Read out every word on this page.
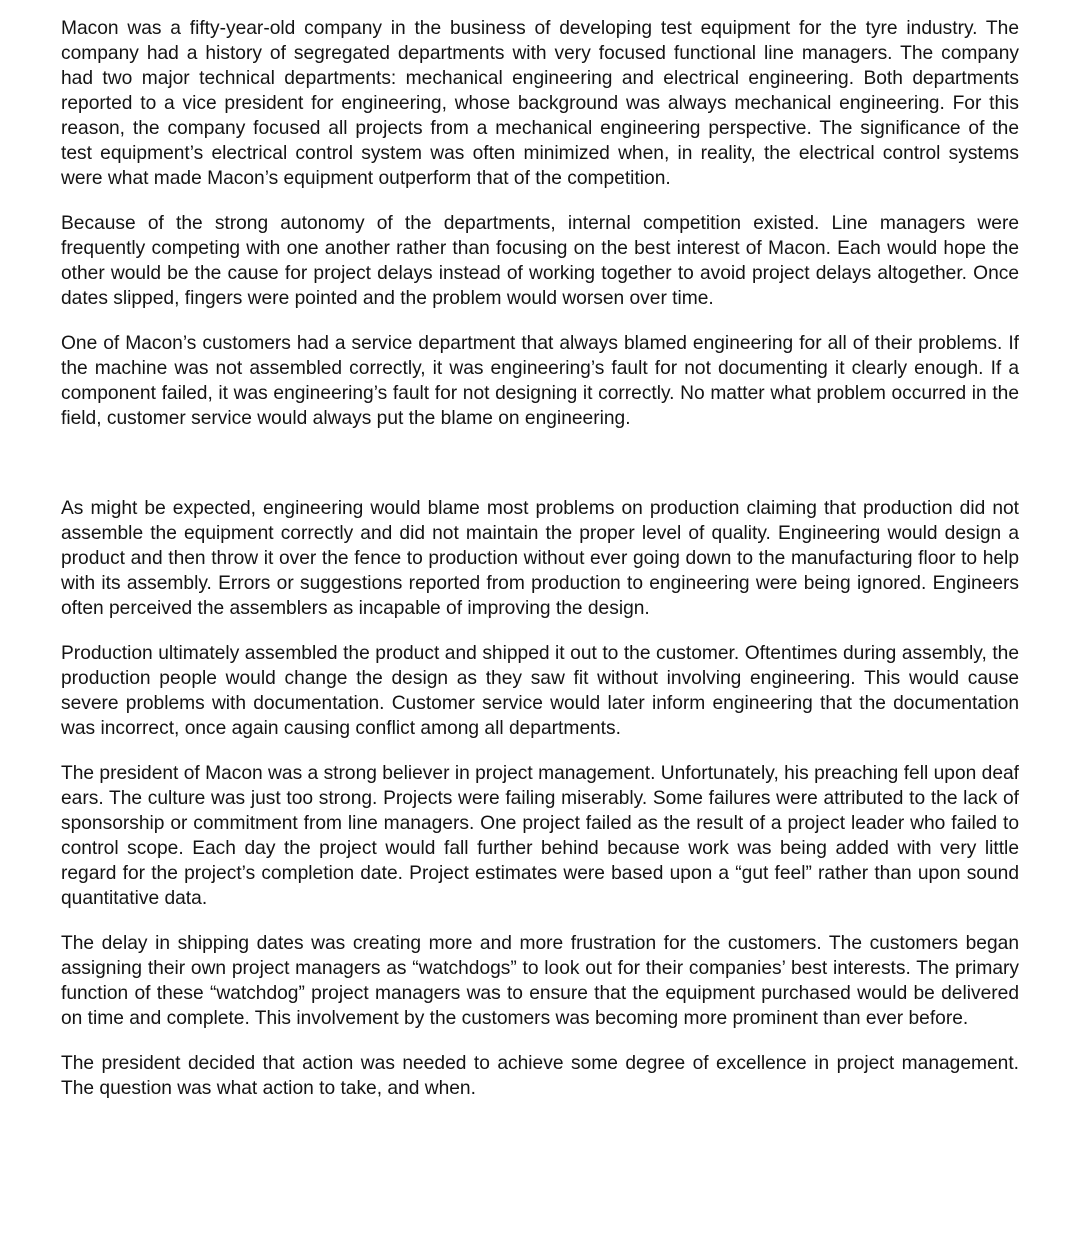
Macon was a fifty-year-old company in the business of developing test equipment for the tyre industry. The company had a history of segregated departments with very focused functional line managers. The company had two major technical departments: mechanical engineering and electrical engineering. Both departments reported to a vice president for engineering, whose background was always mechanical engineering. For this reason, the company focused all projects from a mechanical engineering perspective. The significance of the test equipment’s electrical control system was often minimized when, in reality, the electrical control systems were what made Macon’s equipment outperform that of the competition.

Because of the strong autonomy of the departments, internal competition existed. Line managers were frequently competing with one another rather than focusing on the best interest of Macon. Each would hope the other would be the cause for project delays instead of working together to avoid project delays altogether. Once dates slipped, fingers were pointed and the problem would worsen over time.

One of Macon’s customers had a service department that always blamed engineering for all of their problems. If the machine was not assembled correctly, it was engineering’s fault for not documenting it clearly enough. If a component failed, it was engineering’s fault for not designing it correctly. No matter what problem occurred in the field, customer service would always put the blame on engineering.

As might be expected, engineering would blame most problems on production claiming that production did not assemble the equipment correctly and did not maintain the proper level of quality. Engineering would design a product and then throw it over the fence to production without ever going down to the manufacturing floor to help with its assembly. Errors or suggestions reported from production to engineering were being ignored. Engineers often perceived the assemblers as incapable of improving the design.

Production ultimately assembled the product and shipped it out to the customer. Oftentimes during assembly, the production people would change the design as they saw fit without involving engineering. This would cause severe problems with documentation. Customer service would later inform engineering that the documentation was incorrect, once again causing conflict among all departments.

The president of Macon was a strong believer in project management. Unfortunately, his preaching fell upon deaf ears. The culture was just too strong. Projects were failing miserably. Some failures were attributed to the lack of sponsorship or commitment from line managers. One project failed as the result of a project leader who failed to control scope. Each day the project would fall further behind because work was being added with very little regard for the project’s completion date. Project estimates were based upon a “gut feel” rather than upon sound quantitative data.

The delay in shipping dates was creating more and more frustration for the customers. The customers began assigning their own project managers as “watchdogs” to look out for their companies’ best interests. The primary function of these “watchdog” project managers was to ensure that the equipment purchased would be delivered on time and complete. This involvement by the customers was becoming more prominent than ever before.

The president decided that action was needed to achieve some degree of excellence in project management. The question was what action to take, and when.
